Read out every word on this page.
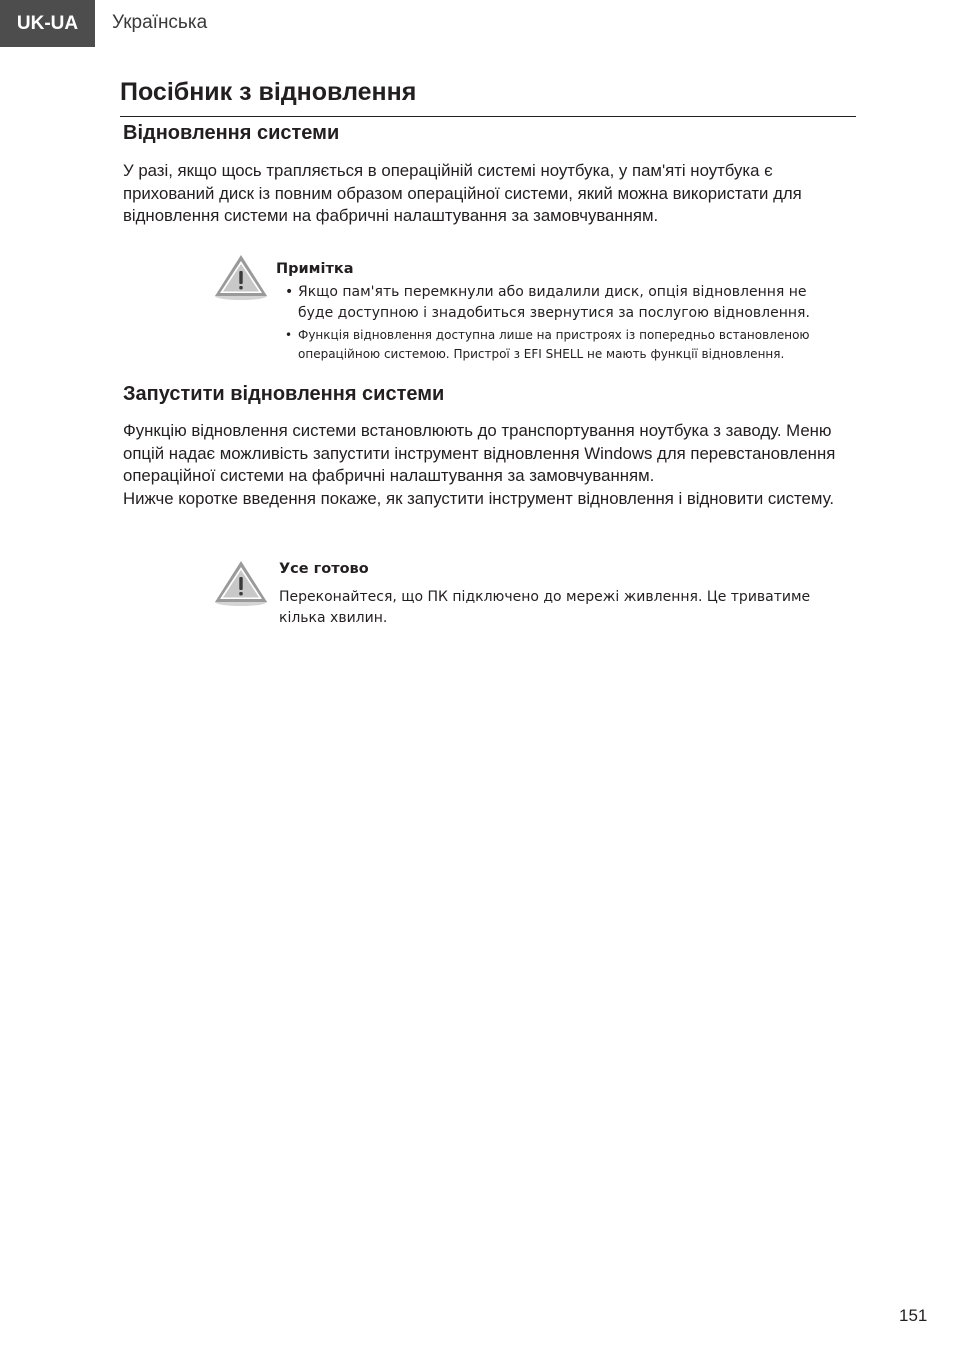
UK-UA	Українська
Посібник з відновлення
Відновлення системи

У разі, якщо щось трапляється в операційній системі ноутбука, у пам'яті ноутбука є прихований диск із повним образом операційної системи, який можна використати для відновлення системи на фабричні налаштування за замовчуванням.

Примітка
• Якщо пам'ять перемкнули або видалили диск, опція відновлення не буде доступною і знадобиться звернутися за послугою відновлення.
• Функція відновлення доступна лише на пристроях із попередньо встановленою операційною системою. Пристрої з EFI SHELL не мають функції відновлення.
Запустити відновлення системи
Функцію відновлення системи встановлюють до транспортування ноутбука з заводу. Меню опцій надає можливість запустити інструмент відновлення Windows для перевстановлення операційної системи на фабричні налаштування за замовчуванням.
Нижче коротке введення покаже, як запустити інструмент відновлення і відновити систему.
Усе готово

Переконайтеся, що ПК підключено до мережі живлення. Це триватиме кілька хвилин.

151
